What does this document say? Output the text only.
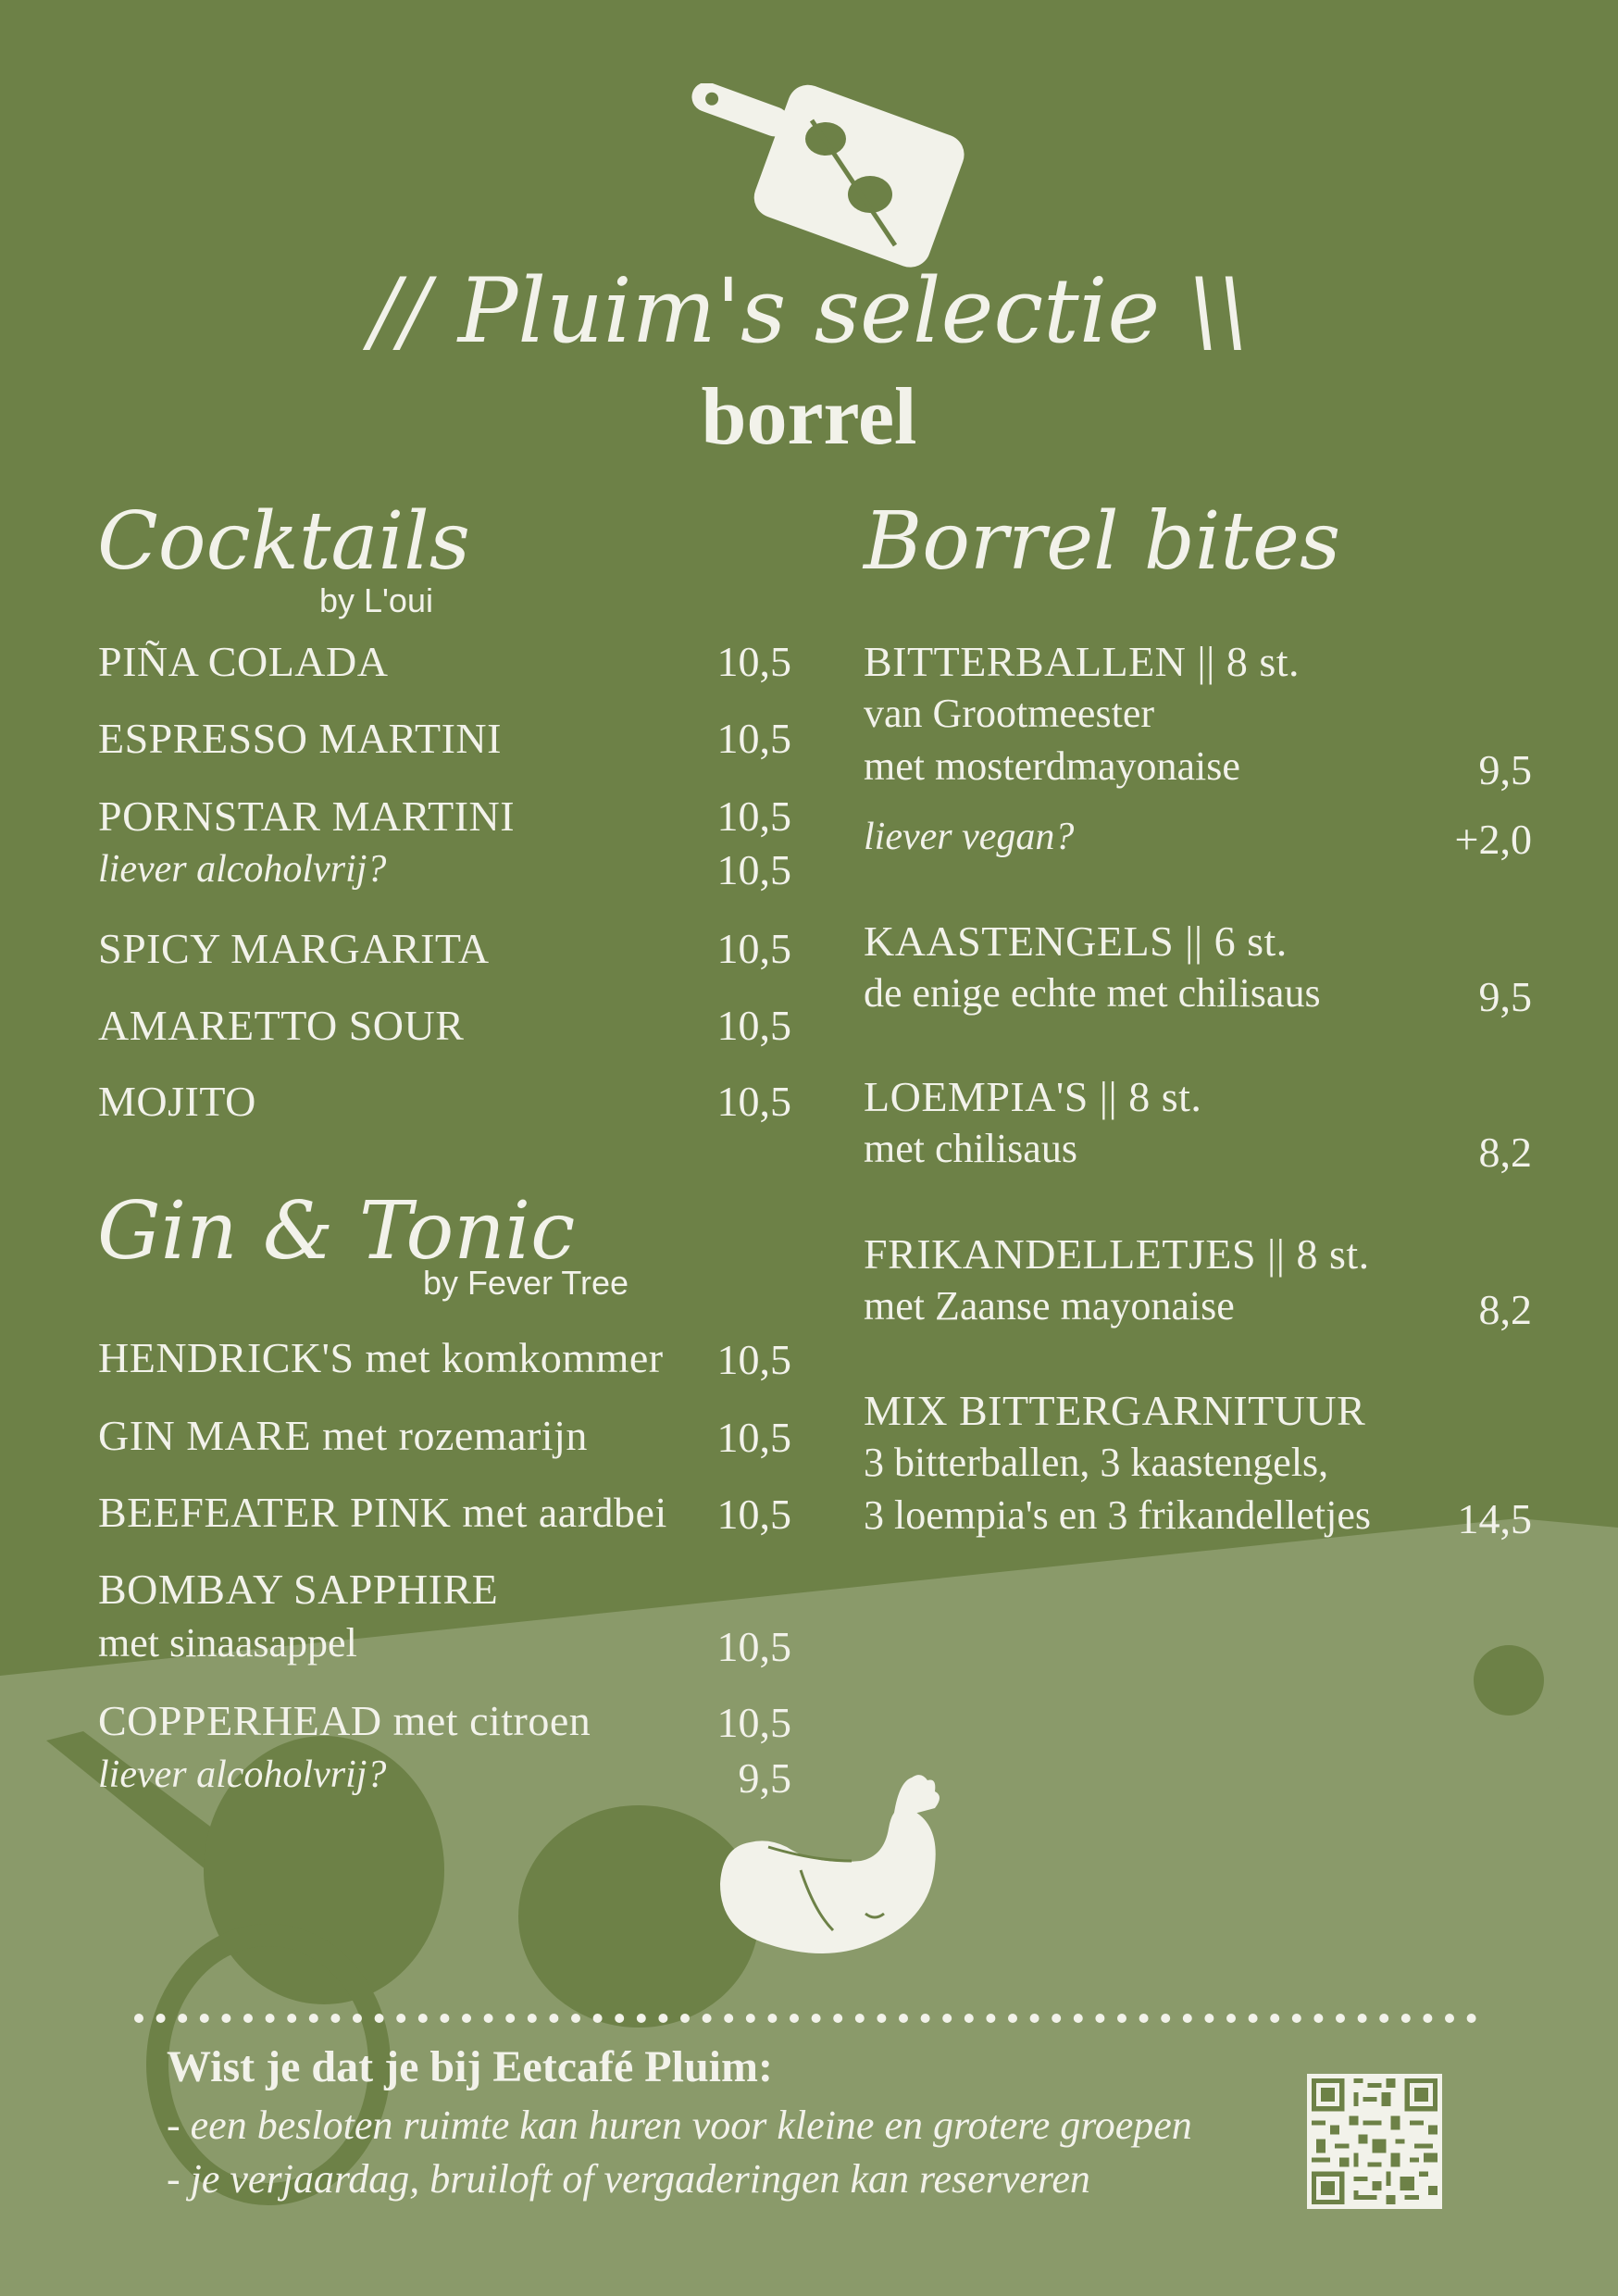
// Pluim's selectie \\
borrel
Cocktails
by L'oui
PIÑA COLADA	10,5
ESPRESSO MARTINI	10,5
PORNSTAR MARTINI	10,5
liever alcoholvrij?	10,5
SPICY MARGARITA	10,5
AMARETTO SOUR	10,5
MOJITO	10,5
Gin & Tonic
by Fever Tree
HENDRICK'S met komkommer	10,5
GIN MARE met rozemarijn	10,5
BEEFEATER PINK met aardbei	10,5
BOMBAY SAPPHIRE
met sinaasappel	10,5
COPPERHEAD met citroen	10,5
liever alcoholvrij?	9,5
Borrel bites
BITTERBALLEN || 8 st.
van Grootmeester
met mosterdmayonaise	9,5
liever vegan?	+2,0
KAASTENGELS || 6 st.
de enige echte met chilisaus	9,5
LOEMPIA'S || 8 st.
met chilisaus	8,2
FRIKANDELLETJES || 8 st.
met Zaanse mayonaise	8,2
MIX BITTERGARNITUUR
3 bitterballen, 3 kaastengels,
3 loempia's en 3 frikandelletjes	14,5
Wist je dat je bij Eetcafé Pluim:
- een besloten ruimte kan huren voor kleine en grotere groepen
- je verjaardag, bruiloft of vergaderingen kan reserveren
